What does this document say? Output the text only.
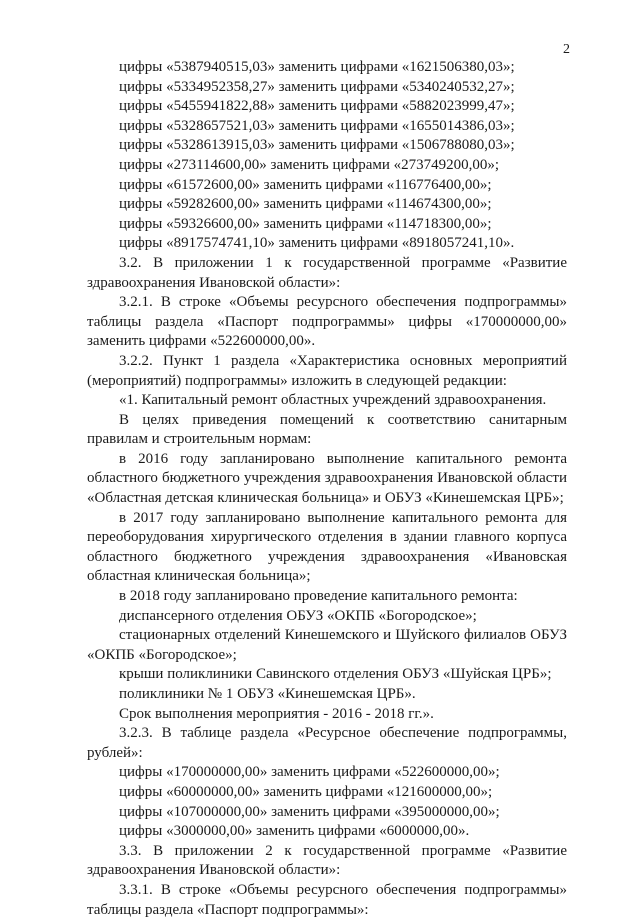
2

цифры «5387940515,03» заменить цифрами «1621506380,03»;

цифры «5334952358,27» заменить цифрами «5340240532,27»;

цифры «5455941822,88» заменить цифрами «5882023999,47»;

цифры «5328657521,03» заменить цифрами «1655014386,03»;

цифры «5328613915,03» заменить цифрами «1506788080,03»;

цифры «273114600,00» заменить цифрами «273749200,00»;

цифры «61572600,00» заменить цифрами «116776400,00»;

цифры «59282600,00» заменить цифрами «114674300,00»;

цифры «59326600,00» заменить цифрами «114718300,00»;

цифры «8917574741,10» заменить цифрами «8918057241,10».

3.2. В приложении 1 к государственной программе «Развитие здравоохранения Ивановской области»:

3.2.1. В строке «Объемы ресурсного обеспечения подпрограммы» таблицы раздела «Паспорт подпрограммы» цифры «170000000,00» заменить цифрами «522600000,00».

3.2.2. Пункт 1 раздела «Характеристика основных мероприятий (мероприятий) подпрограммы» изложить в следующей редакции:

«1. Капитальный ремонт областных учреждений здравоохранения.

В целях приведения помещений к соответствию санитарным правилам и строительным нормам:

в 2016 году запланировано выполнение капитального ремонта областного бюджетного учреждения здравоохранения Ивановской области «Областная детская клиническая больница» и ОБУЗ «Кинешемская ЦРБ»;

в 2017 году запланировано выполнение капитального ремонта для переоборудования хирургического отделения в здании главного корпуса областного бюджетного учреждения здравоохранения «Ивановская областная клиническая больница»;

в 2018 году запланировано проведение капитального ремонта:

диспансерного отделения ОБУЗ «ОКПБ «Богородское»;

стационарных отделений Кинешемского и Шуйского филиалов ОБУЗ «ОКПБ «Богородское»;

крыши поликлиники Савинского отделения ОБУЗ «Шуйская ЦРБ»;

поликлиники № 1 ОБУЗ «Кинешемская ЦРБ».

Срок выполнения мероприятия - 2016 - 2018 гг.».

3.2.3. В таблице раздела «Ресурсное обеспечение подпрограммы, рублей»:

цифры «170000000,00» заменить цифрами «522600000,00»;

цифры «60000000,00» заменить цифрами «121600000,00»;

цифры «107000000,00» заменить цифрами «395000000,00»;

цифры «3000000,00» заменить цифрами «6000000,00».

3.3. В приложении 2 к государственной программе «Развитие здравоохранения Ивановской области»:

3.3.1. В строке «Объемы ресурсного обеспечения подпрограммы» таблицы раздела «Паспорт подпрограммы»:
